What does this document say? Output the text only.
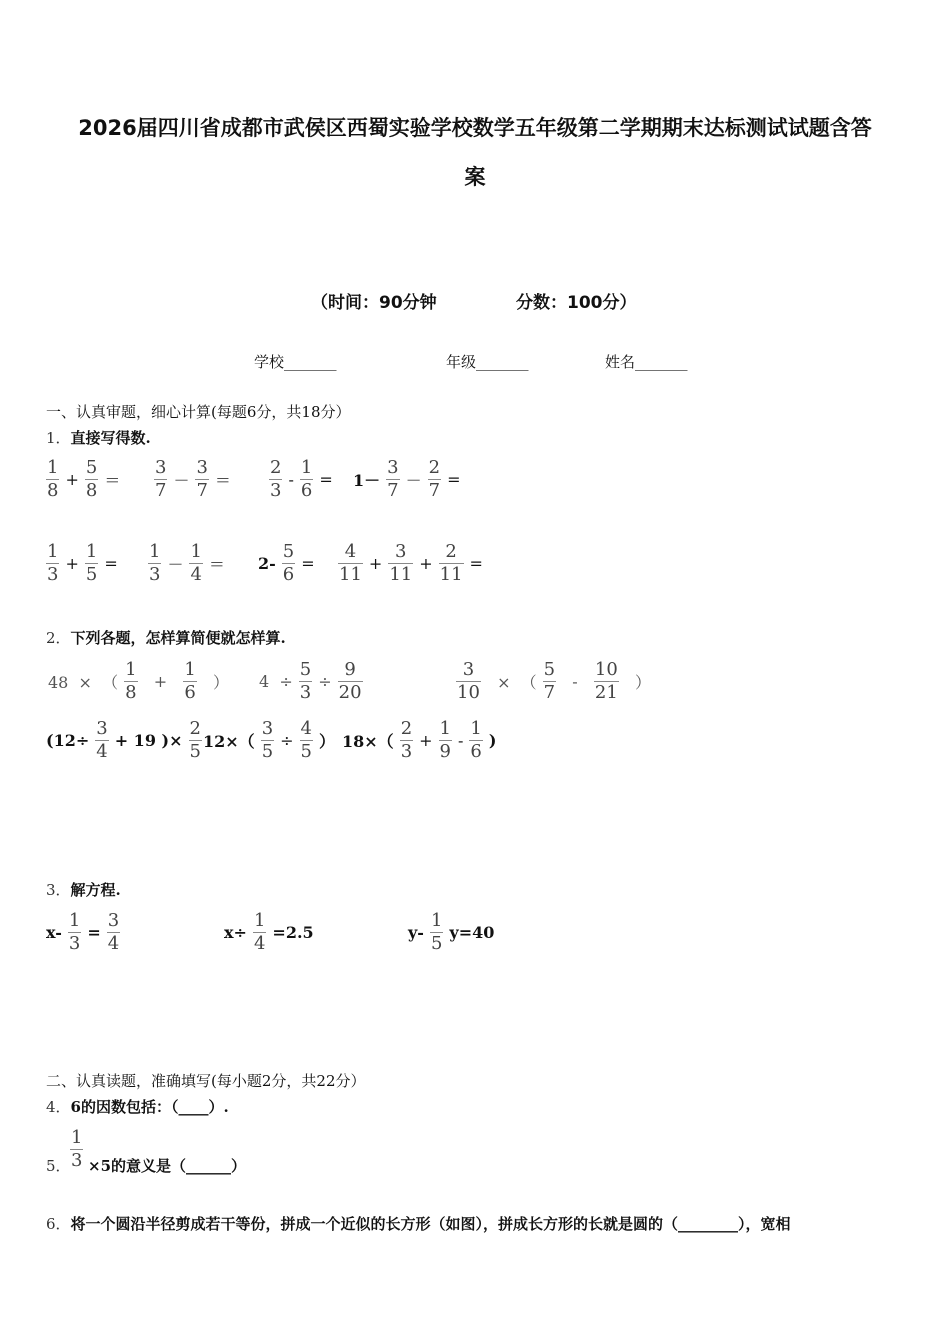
2026届四川省成都市武侯区西蜀实验学校数学五年级第二学期期末达标测试试题含答
案
（时间：90分钟	分数：100分）
学校_______	年级_______	姓名_______
一、认真审题，细心计算(每题6分，共18分）
1．直接写得数.
$\frac{1}{8} + \frac{5}{8} = \frac{3}{7} - \frac{3}{7} = \frac{2}{3} - \frac{1}{6} = 1- \frac{3}{7} - \frac{2}{7}$ =
$\frac{1}{3} + \frac{1}{5} = \frac{1}{3} - \frac{1}{4} = 2- \frac{5}{6} = \frac{4}{11} + \frac{3}{11} + \frac{2}{11}$ =
2．下列各题，怎样算简便就怎样算.
48  ×  （ $\frac{1}{8} + \frac{1}{6}$ ） $4 \div \frac{5}{3} \div \frac{9}{20}$	$\frac{3}{10}$ ×  （ $\frac{5}{7} - \frac{10}{21}$ ）
($12\div \frac{3}{4} + 19$ )× $\frac{2}{5} 12\times( \frac{3}{5} \div \frac{4}{5}$ ） $18\times( \frac{2}{3} + \frac{1}{9} - \frac{1}{6}$ )
3．解方程.
$x- \frac{1}{3} = \frac{3}{4}$	$x\div \frac{1}{4} =2.5$	$y- \frac{1}{5} y=40$
二、认真读题，准确填写(每小题2分，共22分）
4．6的因数包括：（____）.
5． $\frac{1}{3} \times 5$的意义是（______）
6．将一个圆沿半径剪成若干等份，拼成一个近似的长方形（如图），拼成长方形的长就是圆的（________），宽相
